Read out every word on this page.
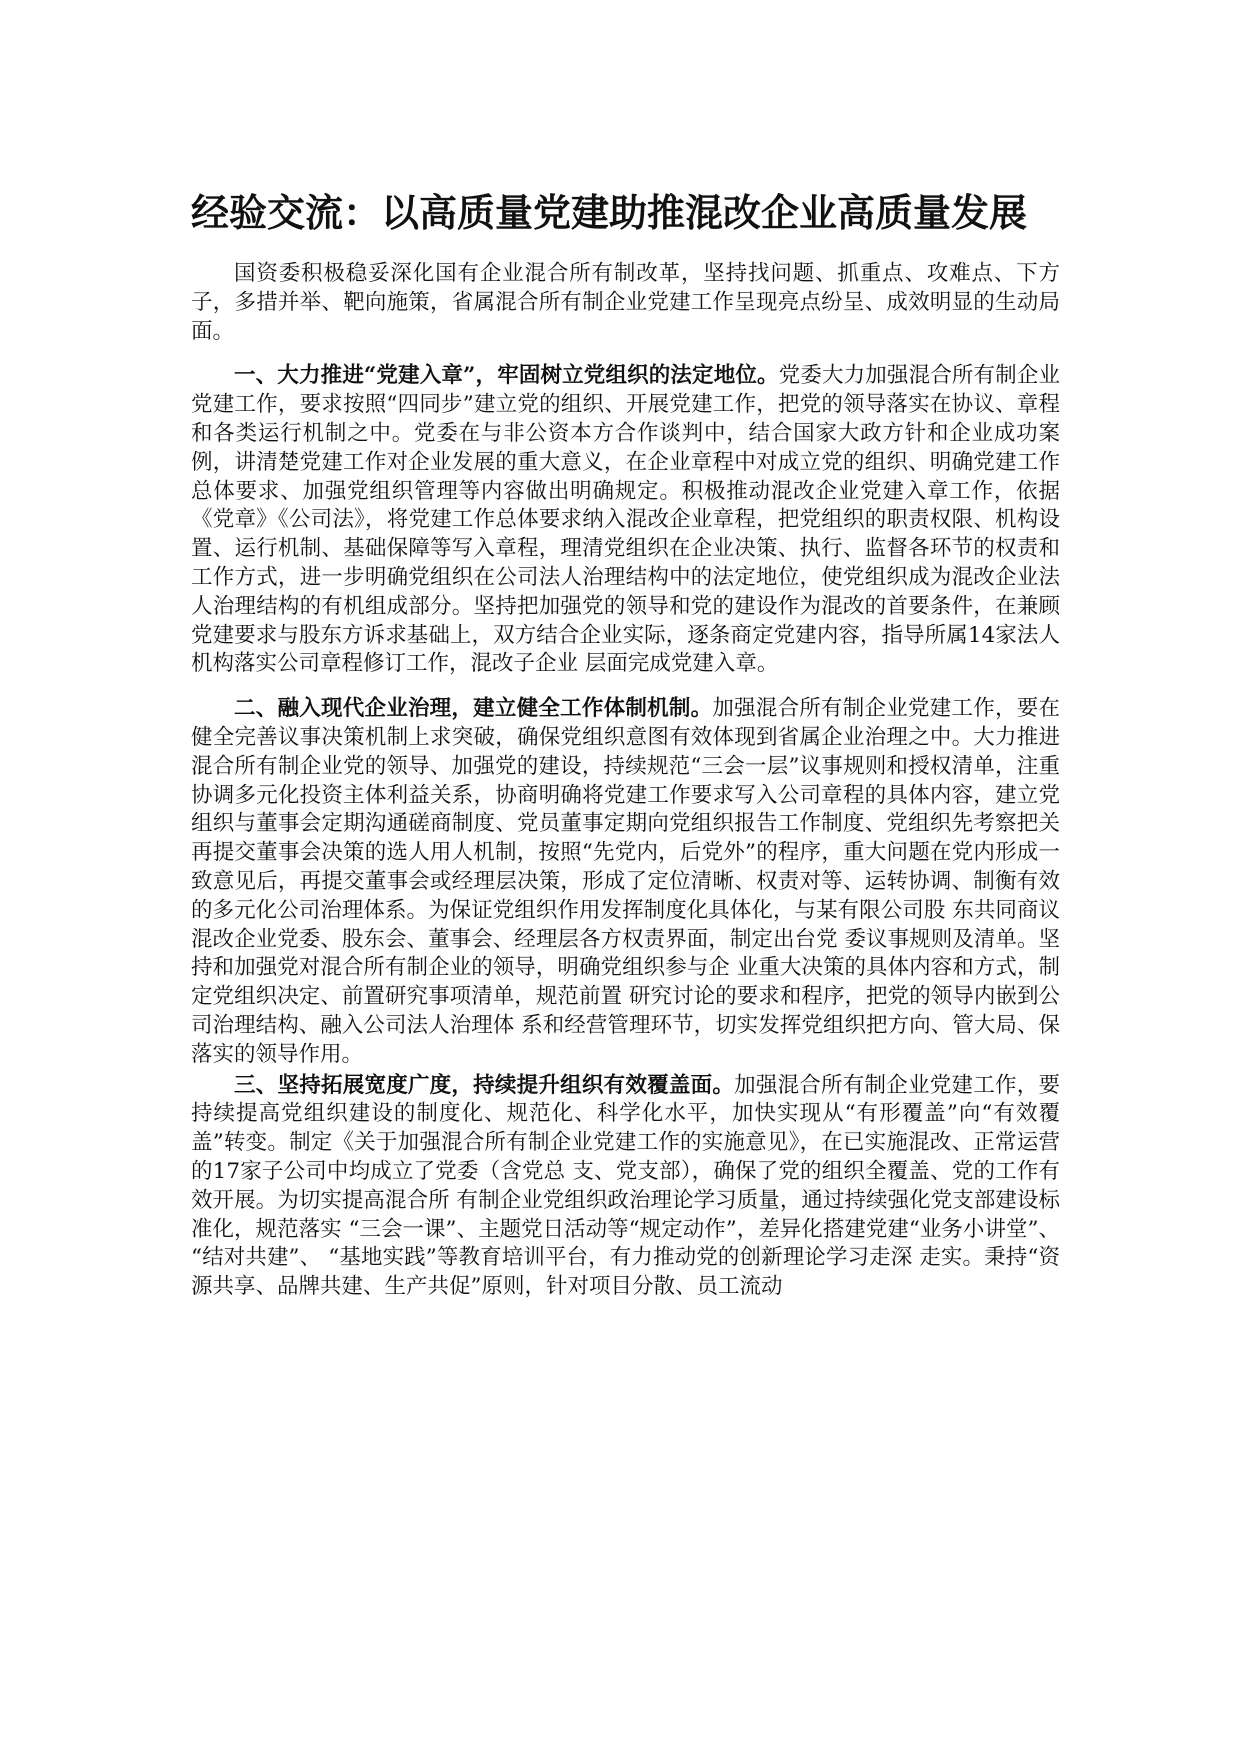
经验交流：以高质量党建助推混改企业高质量发展

国资委积极稳妥深化国有企业混合所有制改革，坚持找问题、抓重点、攻难点、下方子，多措并举、靶向施策，省属混合所有制企业党建工作呈现亮点纷呈、成效明显的生动局面。

一、大力推进“党建入章”，牢固树立党组织的法定地位。党委大力加强混合所有制企业党建工作，要求按照“四同步”建立党的组织、开展党建工作，把党的领导落实在协议、章程和各类运行机制之中。党委在与非公资本方合作谈判中，结合国家大政方针和企业成功案例，讲清楚党建工作对企业发展的重大意义，在企业章程中对成立党的组织、明确党建工作总体要求、加强党组织管理等内容做出明确规定。积极推动混改企业党建入章工作，依据《党章》《公司法》，将党建工作总体要求纳入混改企业章程，把党组织的职责权限、机构设置、运行机制、基础保障等写入章程，理清党组织在企业决策、执行、监督各环节的权责和工作方式，进一步明确党组织在公司法人治理结构中的法定地位，使党组织成为混改企业法人治理结构的有机组成部分。坚持把加强党的领导和党的建设作为混改的首要条件，在兼顾党建要求与股东方诉求基础上，双方结合企业实际，逐条商定党建内容，指导所属14家法人机构落实公司章程修订工作，混改子企业 层面完成党建入章。

二、融入现代企业治理，建立健全工作体制机制。加强混合所有制企业党建工作，要在健全完善议事决策机制上求突破，确保党组织意图有效体现到省属企业治理之中。大力推进混合所有制企业党的领导、加强党的建设，持续规范“三会一层”议事规则和授权清单，注重协调多元化投资主体利益关系，协商明确将党建工作要求写入公司章程的具体内容，建立党组织与董事会定期沟通磋商制度、党员董事定期向党组织报告工作制度、党组织先考察把关再提交董事会决策的选人用人机制，按照“先党内，后党外”的程序，重大问题在党内形成一致意见后，再提交董事会或经理层决策，形成了定位清晰、权责对等、运转协调、制衡有效 的多元化公司治理体系。为保证党组织作用发挥制度化具体化，与某有限公司股 东共同商议混改企业党委、股东会、董事会、经理层各方权责界面，制定出台党 委议事规则及清单。坚持和加强党对混合所有制企业的领导，明确党组织参与企 业重大决策的具体内容和方式，制定党组织决定、前置研究事项清单，规范前置 研究讨论的要求和程序，把党的领导内嵌到公司治理结构、融入公司法人治理体 系和经营管理环节，切实发挥党组织把方向、管大局、保落实的领导作用。

三、坚持拓展宽度广度，持续提升组织有效覆盖面。加强混合所有制企业党建工作，要持续提高党组织建设的制度化、规范化、科学化水平，加快实现从“有形覆盖”向“有效覆盖”转变。制定《关于加强混合所有制企业党建工作的实施意见》，在已实施混改、正常运营的17家子公司中均成立了党委（含党总 支、党支部），确保了党的组织全覆盖、党的工作有效开展。为切实提高混合所 有制企业党组织政治理论学习质量，通过持续强化党支部建设标准化，规范落实 “三会一课”、主题党日活动等“规定动作”，差异化搭建党建“业务小讲堂”、 “结对共建”、 “基地实践”等教育培训平台，有力推动党的创新理论学习走深 走实。秉持“资源共享、品牌共建、生产共促”原则，针对项目分散、员工流动
